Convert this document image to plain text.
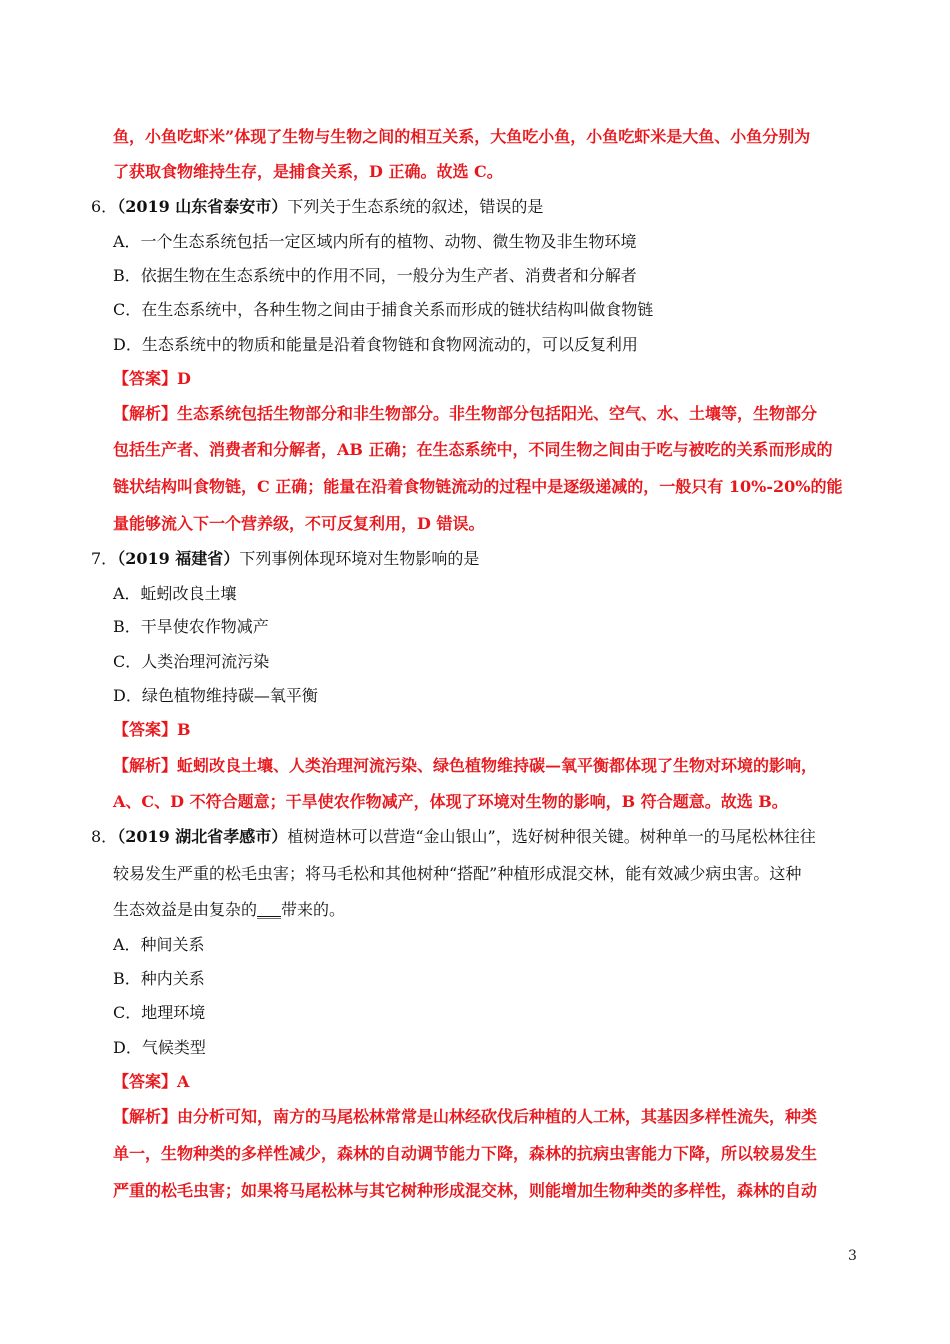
鱼，小鱼吃虾米”体现了生物与生物之间的相互关系，大鱼吃小鱼，小鱼吃虾米是大鱼、小鱼分别为
了获取食物维持生存，是捕食关系，D 正确。故选 C。
6．（2019 山东省泰安市）下列关于生态系统的叙述，错误的是
A．一个生态系统包括一定区域内所有的植物、动物、微生物及非生物环境
B．依据生物在生态系统中的作用不同，一般分为生产者、消费者和分解者
C．在生态系统中，各种生物之间由于捕食关系而形成的链状结构叫做食物链
D．生态系统中的物质和能量是沿着食物链和食物网流动的，可以反复利用
【答案】D
【解析】生态系统包括生物部分和非生物部分。非生物部分包括阳光、空气、水、土壤等，生物部分
包括生产者、消费者和分解者，AB 正确；在生态系统中，不同生物之间由于吃与被吃的关系而形成的
链状结构叫食物链，C 正确；能量在沿着食物链流动的过程中是逐级递减的，一般只有 10%-20%的能
量能够流入下一个营养级，不可反复利用，D 错误。
7．（2019 福建省）下列事例体现环境对生物影响的是
A．蚯蚓改良土壤
B．干旱使农作物减产
C．人类治理河流污染
D．绿色植物维持碳—氧平衡
【答案】B
【解析】蚯蚓改良土壤、人类治理河流污染、绿色植物维持碳—氧平衡都体现了生物对环境的影响，
A、C、D 不符合题意；干旱使农作物减产，体现了环境对生物的影响，B 符合题意。故选 B。
8．（2019 湖北省孝感市）植树造林可以营造“金山银山”，选好树种很关键。树种单一的马尾松林往往
较易发生严重的松毛虫害；将马毛松和其他树种“搭配”种植形成混交林，能有效减少病虫害。这种
生态效益是由复杂的___带来的。
A．种间关系
B．种内关系
C．地理环境
D．气候类型
【答案】A
【解析】由分析可知，南方的马尾松林常常是山林经砍伐后种植的人工林，其基因多样性流失，种类
单一，生物种类的多样性减少，森林的自动调节能力下降，森林的抗病虫害能力下降，所以较易发生
严重的松毛虫害；如果将马尾松林与其它树种形成混交林，则能增加生物种类的多样性，森林的自动
3
